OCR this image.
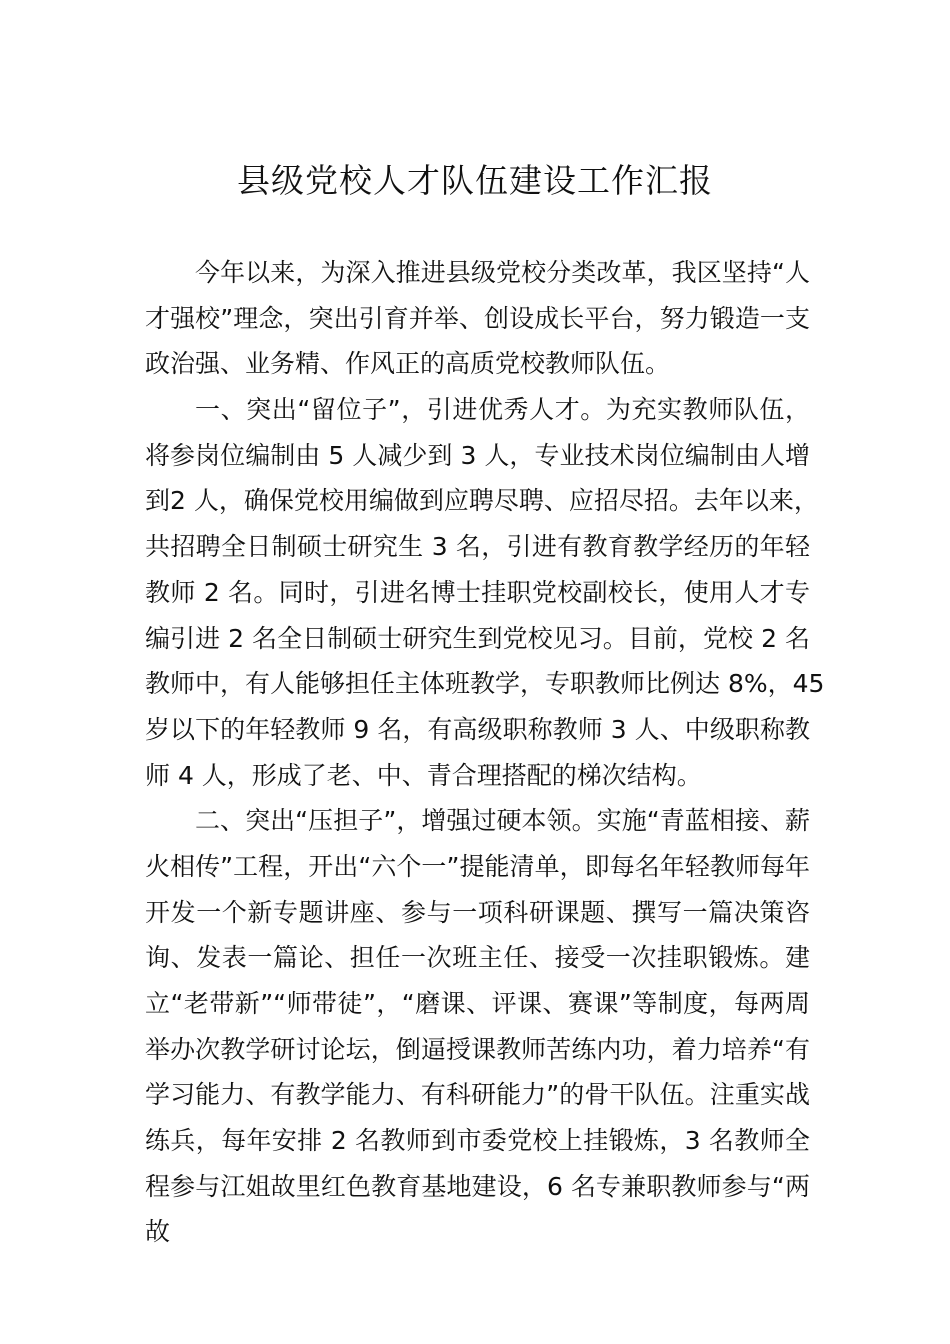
县级党校人才队伍建设工作汇报
今年以来，为深入推进县级党校分类改革，我区坚持“人
才强校”理念，突出引育并举、创设成长平台，努力锻造一支
政治强、业务精、作风正的高质党校教师队伍。
一、突出“留位子”，引进优秀人才。为充实教师队伍，
将参岗位编制由 5 人减少到 3 人，专业技术岗位编制由人增
到2 人，确保党校用编做到应聘尽聘、应招尽招。去年以来，
共招聘全日制硕士研究生 3 名，引进有教育教学经历的年轻
教师 2 名。同时，引进名博士挂职党校副校长，使用人才专
编引进 2 名全日制硕士研究生到党校见习。目前，党校 2 名
教师中，有人能够担任主体班教学，专职教师比例达 8%，45
岁以下的年轻教师 9 名，有高级职称教师 3 人、中级职称教
师 4 人，形成了老、中、青合理搭配的梯次结构。
二、突出“压担子”，增强过硬本领。实施“青蓝相接、薪
火相传”工程，开出“六个一”提能清单，即每名年轻教师每年
开发一个新专题讲座、参与一项科研课题、撰写一篇决策咨
询、发表一篇论、担任一次班主任、接受一次挂职锻炼。建
立“老带新”“师带徒”，“磨课、评课、赛课”等制度，每两周
举办次教学研讨论坛，倒逼授课教师苦练内功，着力培养“有
学习能力、有教学能力、有科研能力”的骨干队伍。注重实战
练兵，每年安排 2 名教师到市委党校上挂锻炼，3 名教师全
程参与江姐故里红色教育基地建设，6 名专兼职教师参与“两
故
